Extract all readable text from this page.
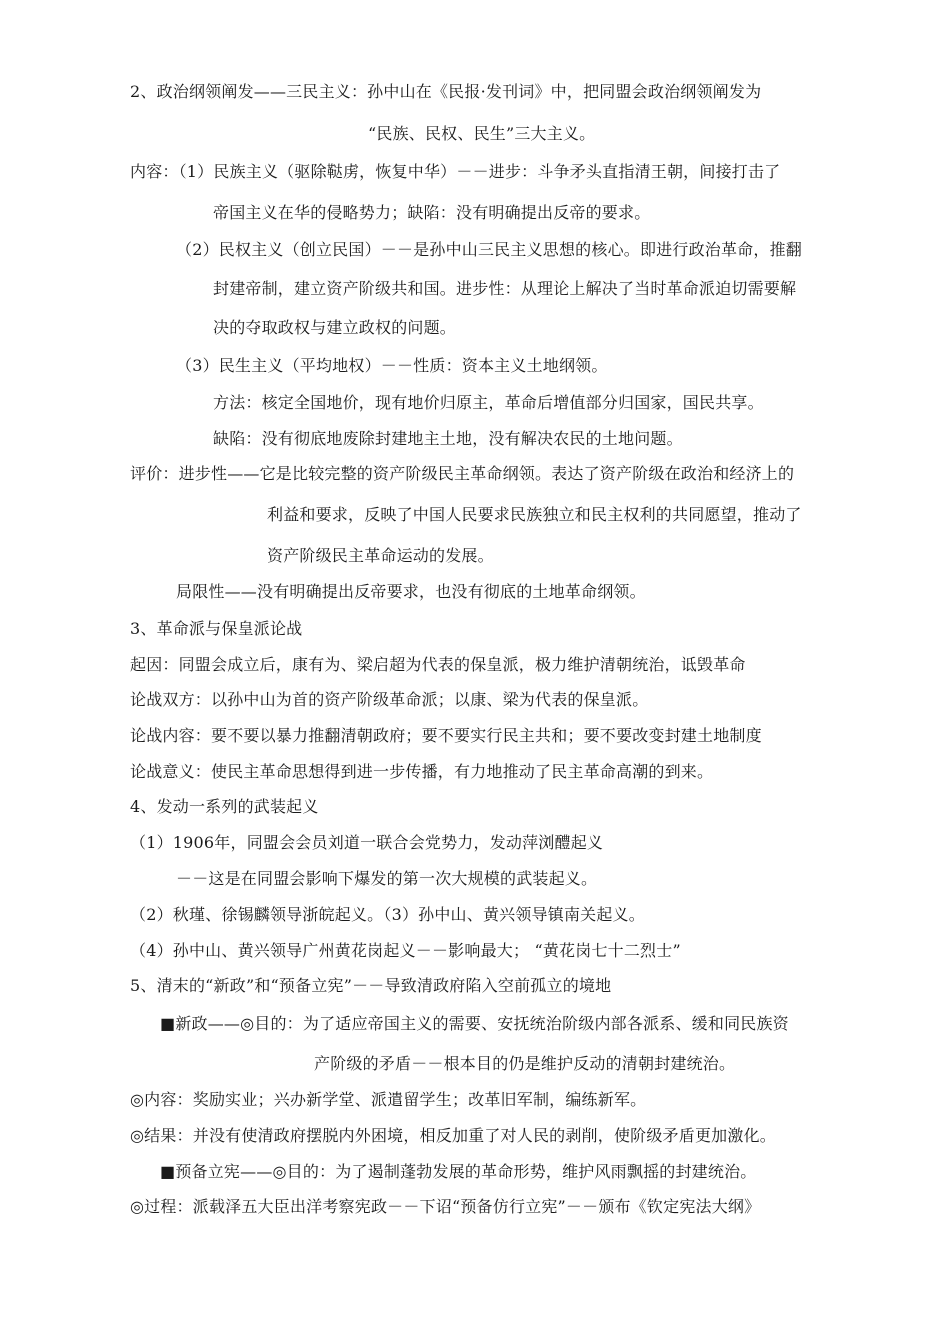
2、政治纲领阐发——三民主义：孙中山在《民报·发刊词》中，把同盟会政治纲领阐发为
“民族、民权、民生”三大主义。
内容：（1）民族主义（驱除鞑虏，恢复中华）－－进步：斗争矛头直指清王朝，间接打击了
帝国主义在华的侵略势力；缺陷：没有明确提出反帝的要求。
（2）民权主义（创立民国）－－是孙中山三民主义思想的核心。即进行政治革命，推翻
封建帝制，建立资产阶级共和国。进步性：从理论上解决了当时革命派迫切需要解
决的夺取政权与建立政权的问题。
（3）民生主义（平均地权）－－性质：资本主义土地纲领。
方法：核定全国地价，现有地价归原主，革命后增值部分归国家，国民共享。
缺陷：没有彻底地废除封建地主土地，没有解决农民的土地问题。
评价：进步性——它是比较完整的资产阶级民主革命纲领。表达了资产阶级在政治和经济上的
利益和要求，反映了中国人民要求民族独立和民主权利的共同愿望，推动了
资产阶级民主革命运动的发展。
局限性——没有明确提出反帝要求，也没有彻底的土地革命纲领。
3、革命派与保皇派论战
起因：同盟会成立后，康有为、梁启超为代表的保皇派，极力维护清朝统治，诋毁革命
论战双方：以孙中山为首的资产阶级革命派；以康、梁为代表的保皇派。
论战内容：要不要以暴力推翻清朝政府；要不要实行民主共和；要不要改变封建土地制度
论战意义：使民主革命思想得到进一步传播，有力地推动了民主革命高潮的到来。
4、发动一系列的武装起义
（1）1906年，同盟会会员刘道一联合会党势力，发动萍浏醴起义
－－这是在同盟会影响下爆发的第一次大规模的武装起义。
（2）秋瑾、徐锡麟领导浙皖起义。（3）孙中山、黄兴领导镇南关起义。
（4）孙中山、黄兴领导广州黄花岗起义－－影响最大； “黄花岗七十二烈士”
5、清末的“新政”和“预备立宪”－－导致清政府陷入空前孤立的境地
■新政——◎目的：为了适应帝国主义的需要、安抚统治阶级内部各派系、缓和同民族资
产阶级的矛盾－－根本目的仍是维护反动的清朝封建统治。
◎内容：奖励实业；兴办新学堂、派遣留学生；改革旧军制，编练新军。
◎结果：并没有使清政府摆脱内外困境，相反加重了对人民的剥削，使阶级矛盾更加激化。
■预备立宪——◎目的：为了遏制蓬勃发展的革命形势，维护风雨飘摇的封建统治。
◎过程：派载泽五大臣出洋考察宪政－－下诏“预备仿行立宪”－－颁布《钦定宪法大纲》
